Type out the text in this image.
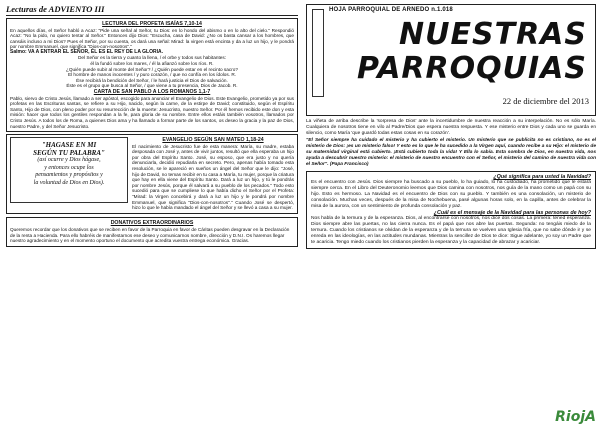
Lecturas de ADVIENTO III
LECTURA DEL PROFETA ISAÍAS 7,10-14

En aquellos días, el Señor habló a Acaz: "Pide una señal al Señor, tu Dios: en lo hondo del abismo o en lo alto del cielo." Respondió Acaz: "No la pido, no quiero tentar al Señor." Entonces dijo Dios: "Escucha, casa de David: ¿No os basta cansar a los hombres, que cansáis incluso a mi Dios? Pues el Señor, por su cuenta, os dará una señal: Mirad: la virgen está encinta y da a luz un hijo, y le pondrá por nombre Emmanuel, que significa "Dios-con-nosotros"."

Salmo: VA A ENTRAR EL SEÑOR, ÉL ES EL REY DE LA GLORIA.

Del Señor es la tierra y cuanto la llena, / el orbe y todos sus habitantes:

él la fundó sobre los mares, / él la afianzó sobre los ríos. R.

¿Quién puede subir al monte del Señor? / ¿Quién puede estar en el recinto sacro?

El hombre de manos inocentes / y puro corazón, / que no confía en los ídolos. R.

Ése recibirá la bendición del Señor, / le hará justicia el Dios de salvación.

Éste es el grupo que busca al Señor, / que viene a tu presencia, Dios de Jacob. R.

CARTA DE SAN PABLO A LOS ROMANOS 1,1-7

Pablo, siervo de Cristo Jesús, llamado a ser apóstol, escogido para anunciar el Evangelio de Dios. Este Evangelio, prometido ya por sus profetas en las Escrituras santas, se refiere a su Hijo, nacido, según la carne, de la estirpe de David; constituido, según el Espíritu Santo, Hijo de Dios, con pleno poder por su resurrección de la muerte: Jesucristo, nuestro Señor. Por él hemos recibido este don y esta misión: hacer que todos los gentiles respondan a la fe, para gloria de su nombre. Entre ellos estáis también vosotros, llamados por Cristo Jesús. A todos los de Roma, a quienes Dios ama y ha llamado a formar parte de los santos, os deseo la gracia y la paz de Dios, nuestro Padre, y del Señor Jesucristo.

"HAGASE EN MI
SEGÚN TU PALABRA"
(así ocurre y Dios hágase,
y entonces ocupe los
pensamientos y propósitos y
la voluntad de Dios en Dios).
EVANGELIO SEGÚN SAN MATEO 1,18-24

El nacimiento de Jesucristo fue de esta manera: María, su madre, estaba desposada con José y, antes de vivir juntos, resultó que ella esperaba un hijo por obra del Espíritu Santo. José, su esposo, que era justo y no quería denunciarla, decidió repudiarla en secreto. Pero, apenas había tomado esta resolución, se le apareció en sueños un ángel del Señor que le dijo: "José, hijo de David, no temas recibir en tu casa a María, tu mujer, porque la criatura que hay en ella viene del Espíritu Santo. Dará a luz un hijo, y tú le pondrás por nombre Jesús, porque él salvará a su pueblo de los pecados." Todo esto sucedió para que se cumpliese lo que había dicho el Señor por el Profeta: "Mirad: la Virgen concebirá y dará a luz un hijo y le pondrá por nombre Emmanuel, que significa "Dios-con-nosotros"." Cuando José se despertó, hizo lo que le había mandado el ángel del Señor y se llevó a casa a su mujer.

DONATIVOS EXTRAORDINARIOS

Queremos recordar que los donativos que se reciben en favor de la Parroquia en favor de Cáritas pueden desgravar en la Declaración de la renta a Hacienda. Para ello habréis de manifestarnos ese deseo y comunicarnos nombre, dirección y D.N.I. Os haremos llegar nuestro agradecimiento y en el momento oportuno el documento que acredita vuestra entrega económica. Gracias.

HOJA PARROQUIAL DE ARNEDO n.1.018
NUESTRAS
PARROQUIAS
22 de diciembre del 2013

La viñeta de arriba describe la 'sorpresa de Dios' ante la incertidumbre de nuestra reacción a su interpelación. No es sólo María. Cualquiera de nosotros tiene en vilo al Padre/Dios que espera nuestra respuesta. Y ese misterio entre Dios y cada uno se guarda en silencio, como María 'que guardó todas estas cosas en su corazón'.

"El Señor siempre ha cuidado el misterio y ha cubierto el misterio. Un misterio que se publicita no es cristiano, no es el misterio de Dios: ¡es un misterio falso! Y esto es lo que le ha sucedido a la Virgen aquí, cuando recibe a su Hijo: el misterio de su maternidad virginal está cubierto. ¡Está cubierto toda la vida! Y Ella lo sabía. Esta sombra de Dios, en nuestra vida, nos ayuda a descubrir nuestro misterio: el misterio de nuestro encuentro con el Señor, el misterio del camino de nuestra vida con el Señor". (Papa Francisco)

¿Qué significa para usted la Navidad?

Es el encuentro con Jesús. Dios siempre ha buscado a su pueblo, lo ha guiado, lo ha custodiado, ha prometido que le estará siempre cerca. En el Libro del Deuteronomio leemos que Dios camina con nosotros, nos guía de la mano como un papá con su hijo. Esto es hermoso. La Navidad es el encuentro de Dios con su pueblo. Y también es una consolación, un misterio de consolación. Muchas veces, después de la misa de Nochebuena, pasé algunas horas solo, en la capilla, antes de celebrar la misa de la aurora, con un sentimiento de profunda consolación y paz.

¿Cuál es el mensaje de la Navidad para las personas de hoy?

Nos habla de la ternura y de la esperanza. Dios, al encontrarse con nosotros, nos dice dos cosas. La primera: tened esperanza. Dios siempre abre las puertas, no las cierra nunca. Es el papá que nos abre las puertas. Segunda: no tengáis miedo de la ternura. Cuando los cristianos se olvidan de la esperanza y de la ternura se vuelven una Iglesia fría, que no sabe dónde ir y se enreda en las ideologías, en las actitudes mundanas. Mientras la sencillez de Dios te dice: Sigue adelante, yo soy un Padre que te acaricia. Tengo miedo cuando los cristianos pierden la esperanza y la capacidad de abrazar y acariciar.

RiojA
